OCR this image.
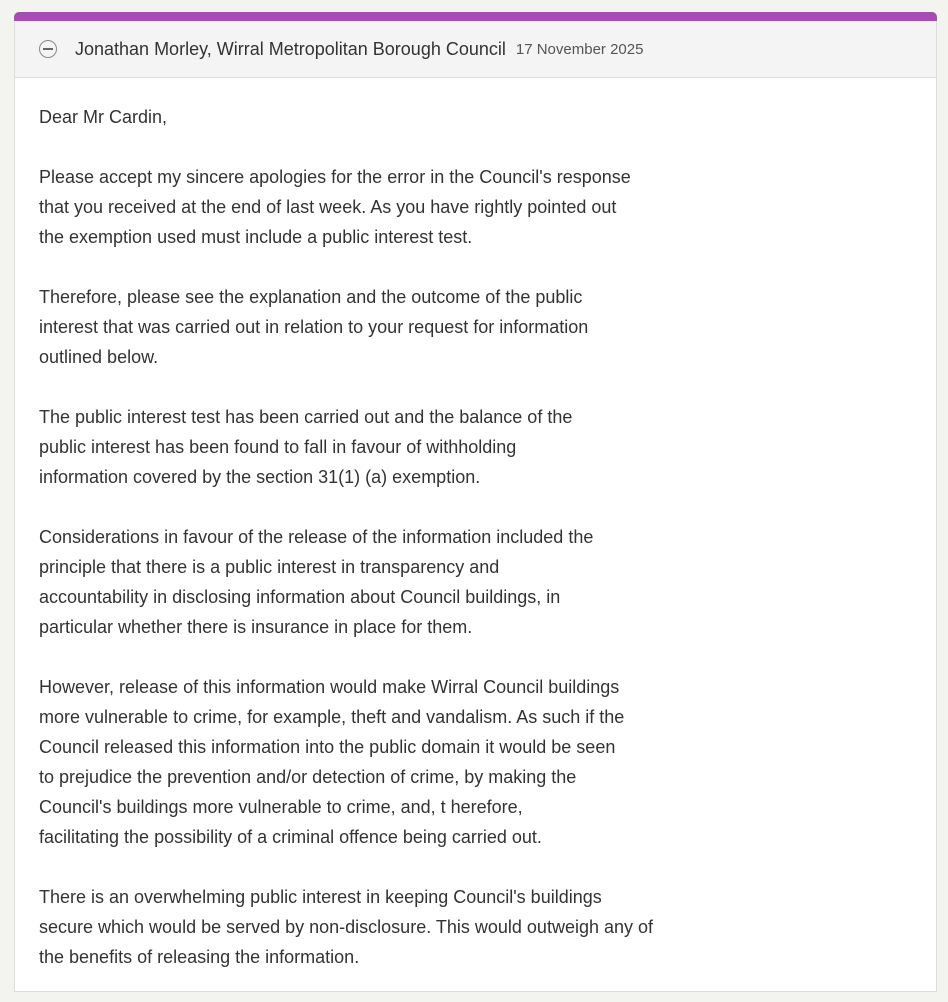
Jonathan Morley, Wirral Metropolitan Borough Council 17 November 2025

Dear Mr Cardin,

Please accept my sincere apologies for the error in the Council's response
that you received at the end of last week. As you have rightly pointed out
the exemption used must include a public interest test.

Therefore, please see the explanation and the outcome of the public
interest that was carried out in relation to your request for information
outlined below.

The public interest test has been carried out and the balance of the
public interest has been found to fall in favour of withholding
information covered by the section 31(1) (a) exemption.

Considerations in favour of the release of the information included the
principle that there is a public interest in transparency and
accountability in disclosing information about Council buildings, in
particular whether there is insurance in place for them.

However, release of this information would make Wirral Council buildings
more vulnerable to crime, for example, theft and vandalism. As such if the
Council released this information into the public domain it would be seen
to prejudice the prevention and/or detection of crime, by making the
Council's buildings more vulnerable to crime, and, t herefore,
facilitating the possibility of a criminal offence being carried out.

There is an overwhelming public interest in keeping Council's buildings
secure which would be served by non-disclosure. This would outweigh any of
the benefits of releasing the information.
